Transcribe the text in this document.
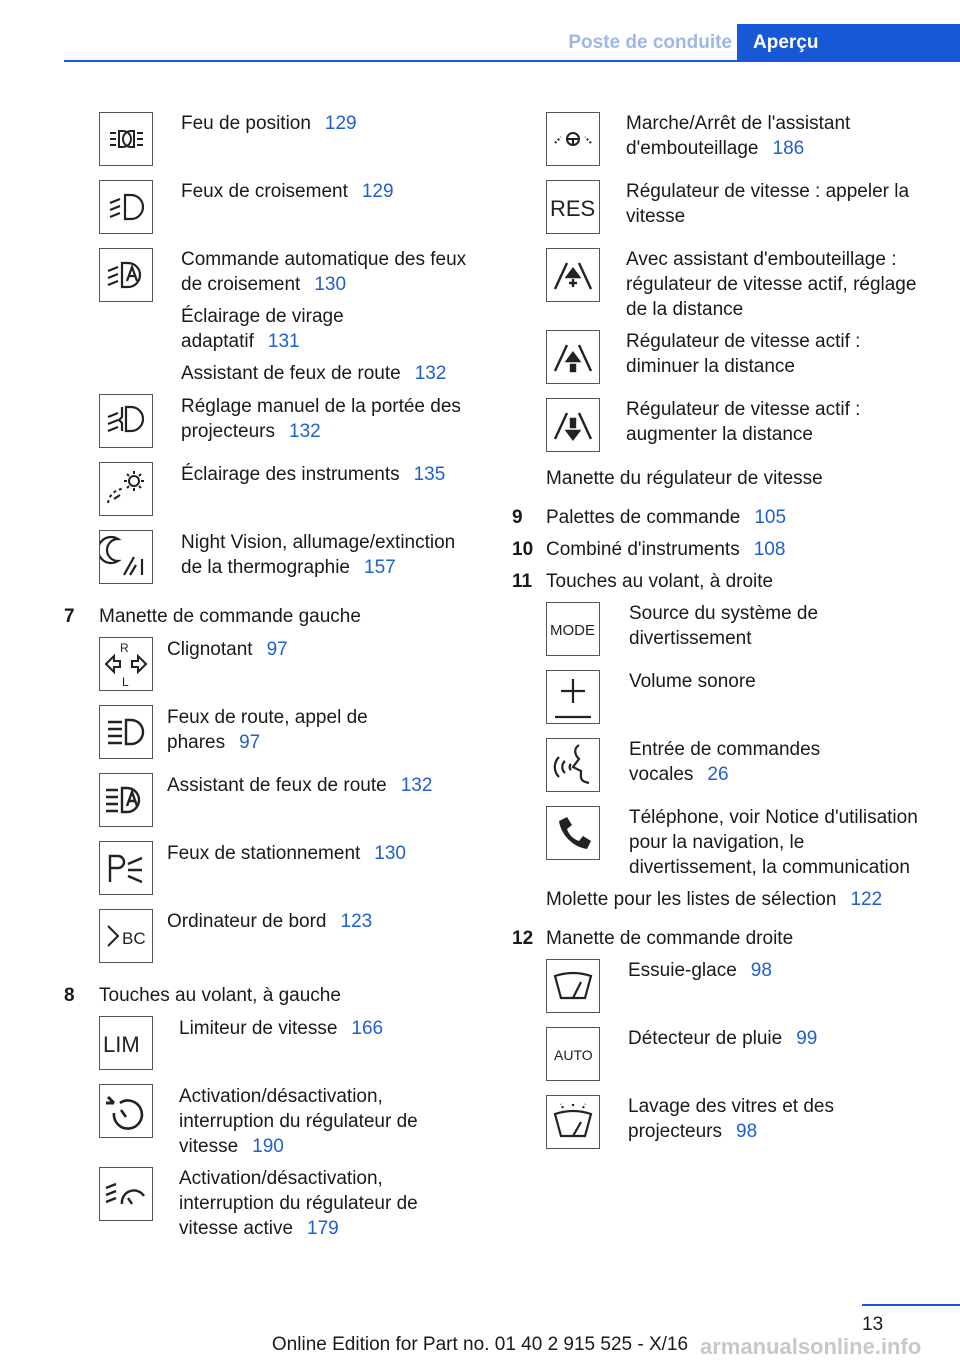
Poste de conduite	Aperçu
Feu de position 129
Feux de croisement 129
Commande automatique des feux de croisement 130
Éclairage de virage adaptatif 131
Assistant de feux de route 132
Réglage manuel de la portée des projecteurs 132
Éclairage des instruments 135
Night Vision, allumage/extinction de la thermographie 157
7 Manette de commande gauche
R
L
Clignotant 97
Feux de route, appel de phares 97
Assistant de feux de route 132
Feux de stationnement 130
BC
Ordinateur de bord 123
8 Touches au volant, à gauche
LIM
Limiteur de vitesse 166
Activation/désactivation, interruption du régulateur de vitesse 190
Activation/désactivation, interruption du régulateur de vitesse active 179
Marche/Arrêt de l'assistant d'embouteillage 186
RES
Régulateur de vitesse : appeler la vitesse
Avec assistant d'embouteillage : régulateur de vitesse actif, réglage de la distance
Régulateur de vitesse actif : diminuer la distance
Régulateur de vitesse actif : augmenter la distance
Manette du régulateur de vitesse
9 Palettes de commande 105
10 Combiné d'instruments 108
11 Touches au volant, à droite
MODE
Source du système de divertissement
Volume sonore
Entrée de commandes vocales 26
Téléphone, voir Notice d'utilisation pour la navigation, le divertissement, la communication
Molette pour les listes de sélection 122
12 Manette de commande droite
Essuie-glace 98
AUTO
Détecteur de pluie 99
Lavage des vitres et des projecteurs 98
13
Online Edition for Part no. 01 40 2 915 525 - X/16 armanualsonline.info
